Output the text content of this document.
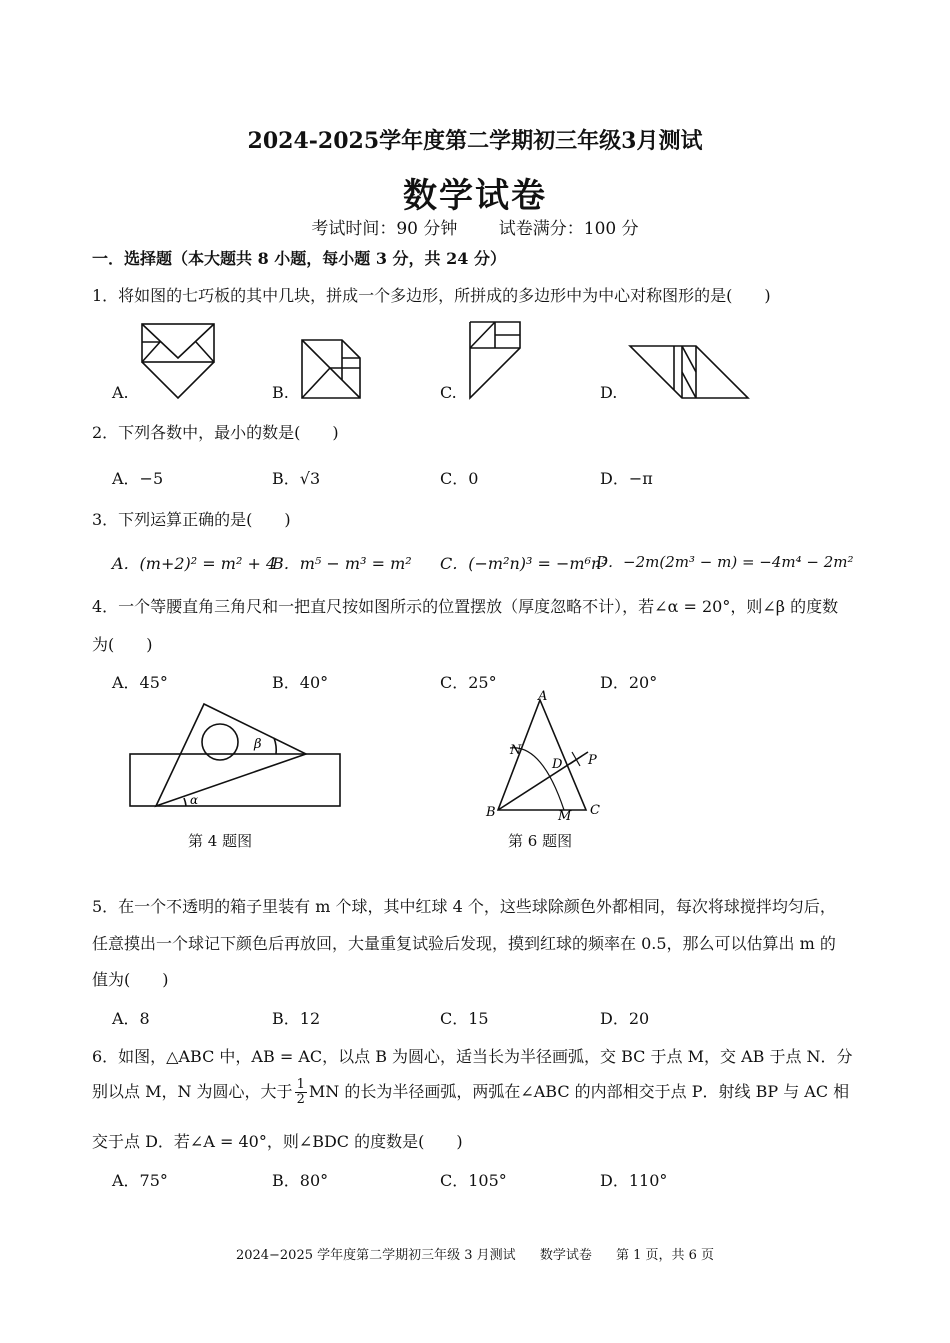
2024-2025学年度第二学期初三年级3月测试
数学试卷
考试时间：90 分钟 试卷满分：100 分
一．选择题（本大题共 8 小题，每小题 3 分，共 24 分）
1．将如图的七巧板的其中几块，拼成一个多边形，所拼成的多边形中为中心对称图形的是(　　)
A.	B.	C.	D.
2．下列各数中，最小的数是(　　)
A．−5	B．√3	C．0	D．−π
3．下列运算正确的是(　　)
A．(m+2)² = m² + 4
B．m⁵ − m³ = m² C．(−m²n)³ = −m⁶n³
D．−2m(2m³ − m) = −4m⁴ − 2m²
4．一个等腰直角三角尺和一把直尺按如图所示的位置摆放（厚度忽略不计），若∠α = 20°，则∠β 的度数
为(　　)
A．45°	B．40°	C．25°	D．20°
β
α
第 4 题图
A
B	C
N
M
D P
第 6 题图
5．在一个不透明的箱子里装有 m 个球，其中红球 4 个，这些球除颜色外都相同，每次将球搅拌均匀后，
任意摸出一个球记下颜色后再放回，大量重复试验后发现，摸到红球的频率在 0.5，那么可以估算出 m 的
值为(　　)
A．8	B．12	C．15	D．20
6．如图，△ABC 中，AB = AC，以点 B 为圆心，适当长为半径画弧，交 BC 于点 M，交 AB 于点 N．分
别以点 M，N 为圆心，大于 $\frac{1}{2}$ MN 的长为半径画弧，两弧在∠ABC 的内部相交于点 P．射线 BP 与 AC 相
交于点 D．若∠A = 40°，则∠BDC 的度数是(　　)
A．75°	B．80°	C．105°	D．110°
2024−2025 学年度第二学期初三年级 3 月测试 数学试卷 第 1 页，共 6 页
